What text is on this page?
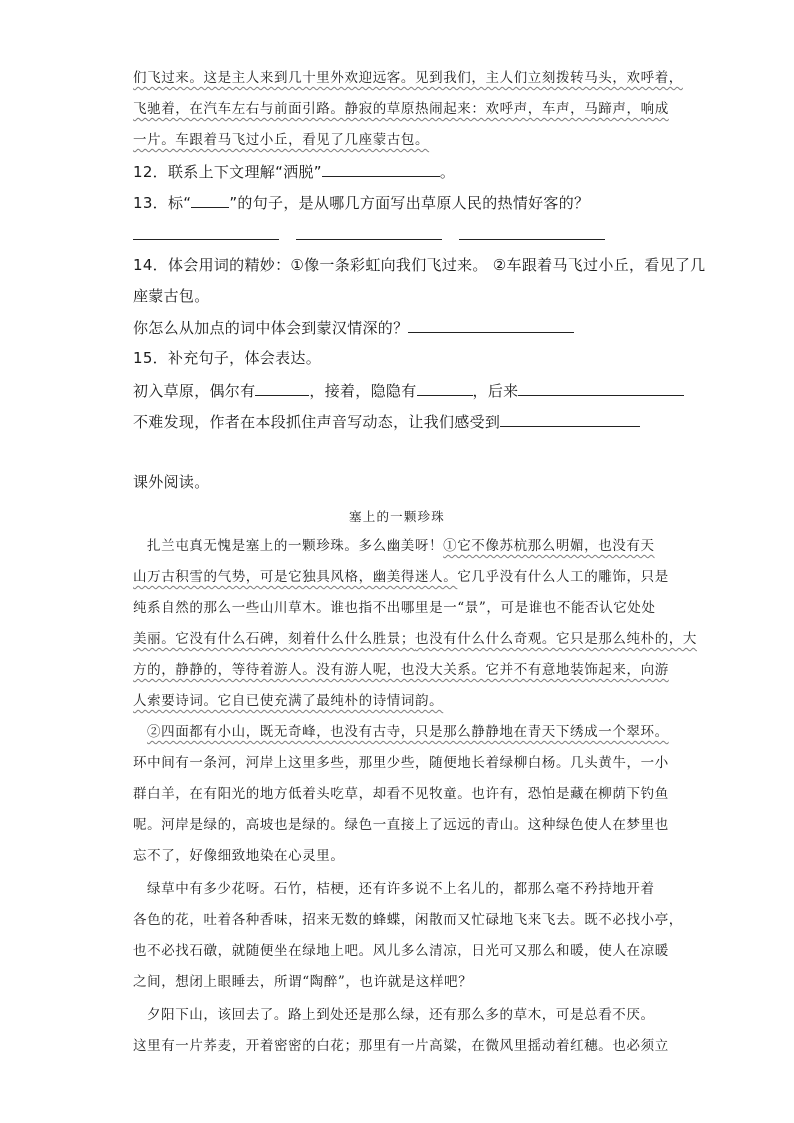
们飞过来。这是主人来到几十里外欢迎远客。见到我们，主人们立刻拨转马头，欢呼着，
飞驰着，在汽车左右与前面引路。静寂的草原热闹起来：欢呼声，车声，马蹄声，响成
一片。车跟着马飞过小丘，看见了几座蒙古包。
12．联系上下文理解“洒脱”	。
13．标“	”的句子，是从哪几方面写出草原人民的热情好客的？
14．体会用词的精妙：①像一条彩虹向我们飞过来。 ②车跟着马飞过小丘，看见了几
座蒙古包。
你怎么从加点的词中体会到蒙汉情深的？
15．补充句子，体会表达。
初入草原，偶尔有	，接着，隐隐有	，后来
不难发现，作者在本段抓住声音写动态，让我们感受到
课外阅读。
塞上的一颗珍珠
扎兰屯真无愧是塞上的一颗珍珠。多么幽美呀！①它不像苏杭那么明媚，也没有天
山万古积雪的气势，可是它独具风格，幽美得迷人。它几乎没有什么人工的雕饰，只是
纯系自然的那么一些山川草木。谁也指不出哪里是一“景”，可是谁也不能否认它处处
美丽。它没有什么石碑，刻着什么什么胜景；也没有什么什么奇观。它只是那么纯朴的，大
方的，静静的，等待着游人。没有游人呢，也没大关系。它并不有意地装饰起来，向游
人索要诗词。它自已使充满了最纯朴的诗情词韵。
②四面都有小山，既无奇峰，也没有古寺，只是那么静静地在青天下绣成一个翠环。
环中间有一条河，河岸上这里多些，那里少些，随便地长着绿柳白杨。几头黄牛，一小
群白羊，在有阳光的地方低着头吃草，却看不见牧童。也许有，恐怕是藏在柳荫下钓鱼
呢。河岸是绿的，高坡也是绿的。绿色一直接上了远远的青山。这种绿色使人在梦里也
忘不了，好像细致地染在心灵里。
绿草中有多少花呀。石竹，桔梗，还有许多说不上名儿的，都那么毫不矜持地开着
各色的花，吐着各种香味，招来无数的蜂蝶，闲散而又忙碌地飞来飞去。既不必找小亭，
也不必找石礅，就随便坐在绿地上吧。风儿多么清凉，日光可又那么和暖，使人在凉暖
之间，想闭上眼睡去，所谓“陶醉”，也许就是这样吧？
夕阳下山，该回去了。路上到处还是那么绿，还有那么多的草木，可是总看不厌。
这里有一片荞麦，开着密密的白花；那里有一片高粱，在微风里摇动着红穗。也必须立
